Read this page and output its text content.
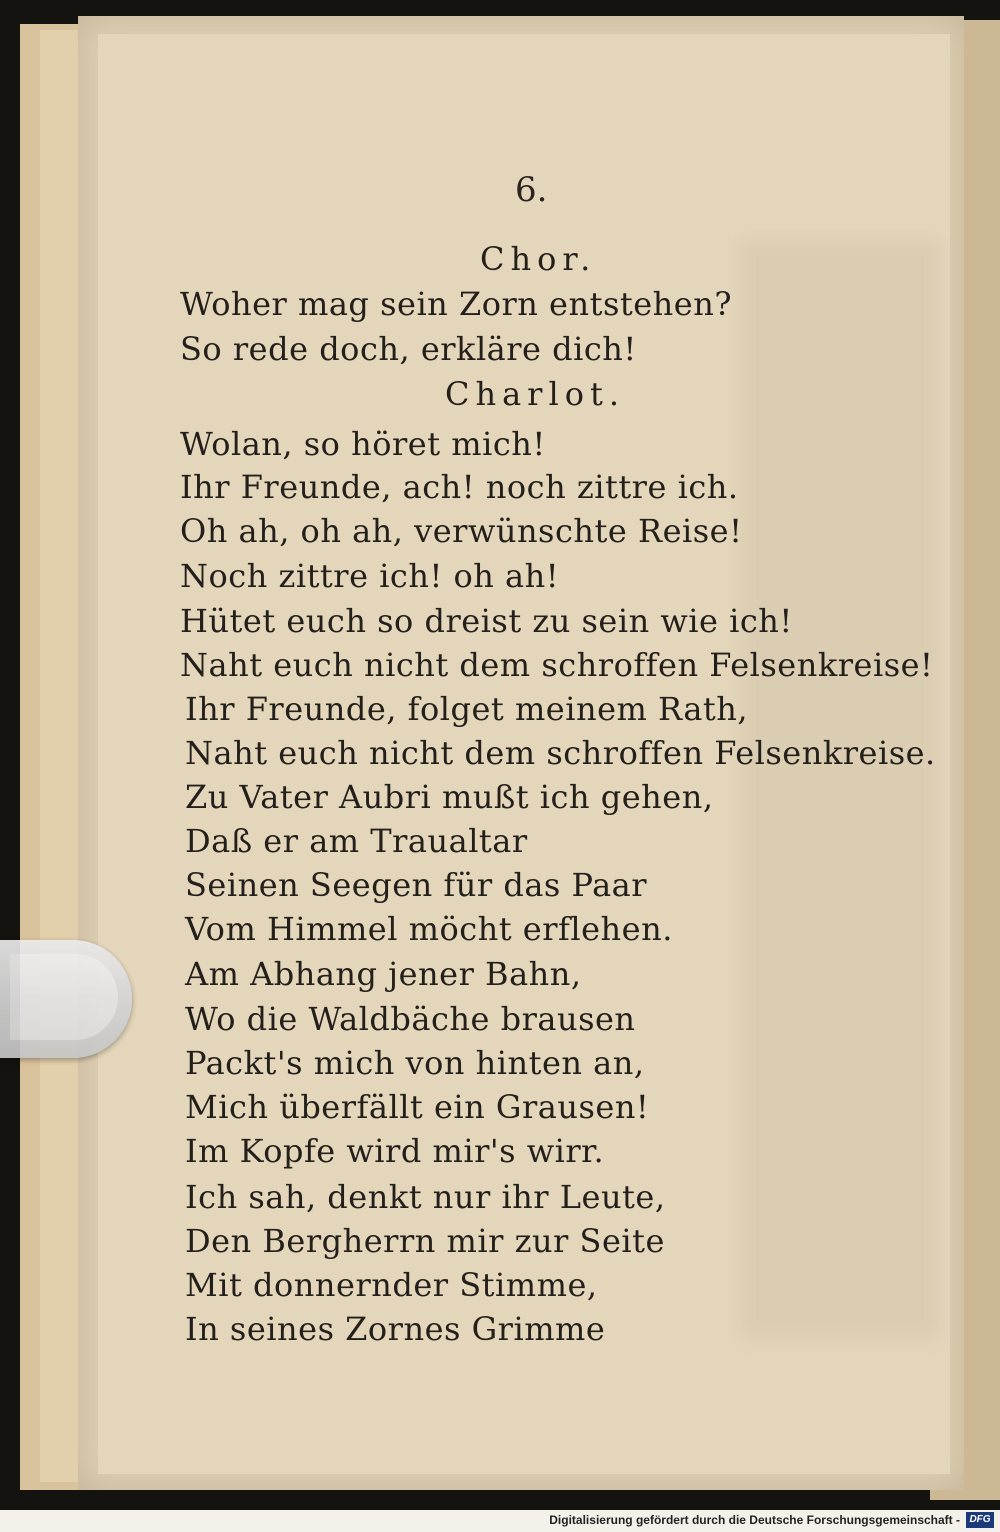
6.
Chor.
Woher mag sein Zorn entstehen?
So rede doch, erkläre dich!
Charlot.
Wolan, so höret mich!
Ihr Freunde, ach! noch zittre ich.
Oh ah, oh ah, verwünschte Reise!
Noch zittre ich! oh ah!
Hütet euch so dreist zu sein wie ich!
Naht euch nicht dem schroffen Felsenkreise!
Ihr Freunde, folget meinem Rath,
Naht euch nicht dem schroffen Felsenkreise.
Zu Vater Aubri mußt ich gehen,
Daß er am Traualtar
Seinen Seegen für das Paar
Vom Himmel möcht erflehen.
Am Abhang jener Bahn,
Wo die Waldbäche brausen
Packt's mich von hinten an,
Mich überfällt ein Grausen!
Im Kopfe wird mir's wirr.
Ich sah, denkt nur ihr Leute,
Den Bergherrn mir zur Seite
Mit donnernder Stimme,
In seines Zornes Grimme
Digitalisierung gefördert durch die Deutsche Forschungsgemeinschaft - DFG
